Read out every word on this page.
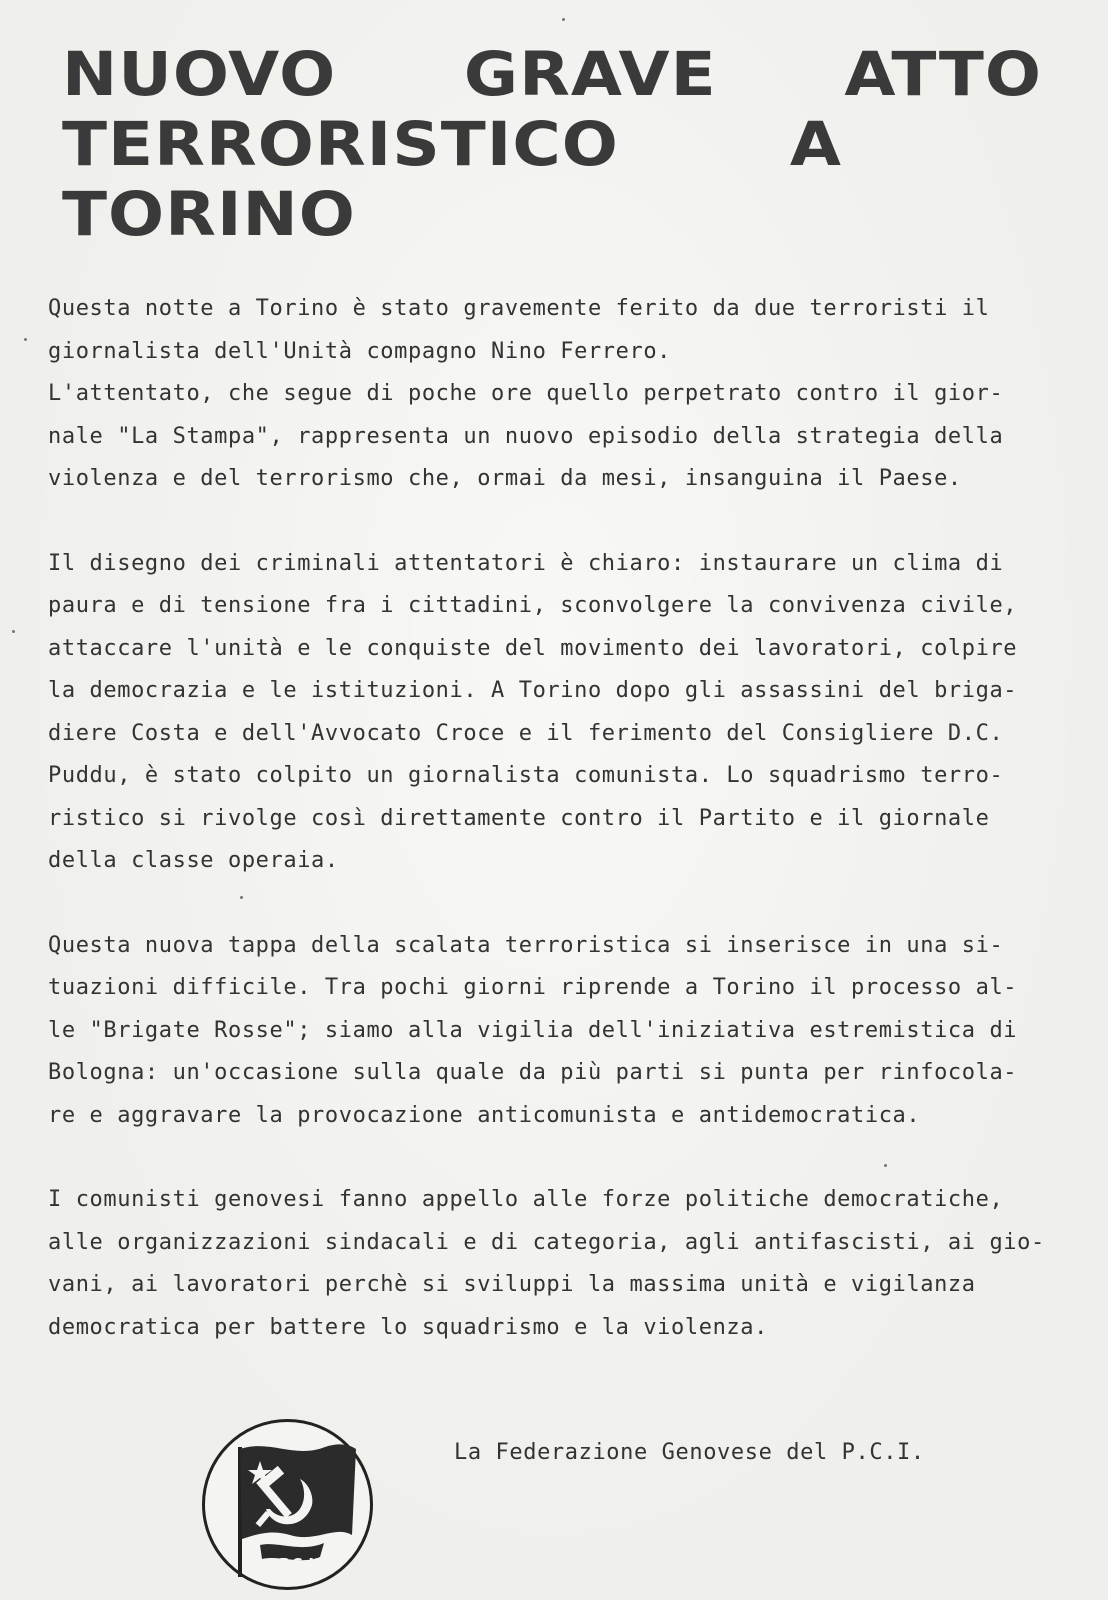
NUOVO GRAVE ATTO
TERRORISTICO	A
TORINO

Questa notte a Torino è stato gravemente ferito da due terroristi il
giornalista dell'Unità compagno Nino Ferrero.
L'attentato, che segue di poche ore quello perpetrato contro il gior-
nale "La Stampa", rappresenta un nuovo episodio della strategia della
violenza e del terrorismo che, ormai da mesi, insanguina il Paese.

Il disegno dei criminali attentatori è chiaro: instaurare un clima di
paura e di tensione fra i cittadini, sconvolgere la convivenza civile,
attaccare l'unità e le conquiste del movimento dei lavoratori, colpire
la democrazia e le istituzioni. A Torino dopo gli assassini del briga-
diere Costa e dell'Avvocato Croce e il ferimento del Consigliere D.C.
Puddu, è stato colpito un giornalista comunista. Lo squadrismo terro-
ristico si rivolge così direttamente contro il Partito e il giornale
della classe operaia.

Questa nuova tappa della scalata terroristica si inserisce in una si-
tuazioni difficile. Tra pochi giorni riprende a Torino il processo al-
le "Brigate Rosse"; siamo alla vigilia dell'iniziativa estremistica di
Bologna: un'occasione sulla quale da più parti si punta per rinfocola-
re e aggravare la provocazione anticomunista e antidemocratica.

I comunisti genovesi fanno appello alle forze politiche democratiche,
alle organizzazioni sindacali e di categoria, agli antifascisti, ai gio-
vani, ai lavoratori perchè si sviluppi la massima unità e vigilanza
democratica per battere lo squadrismo e la violenza.

P.C.I.
La Federazione Genovese del P.C.I.
